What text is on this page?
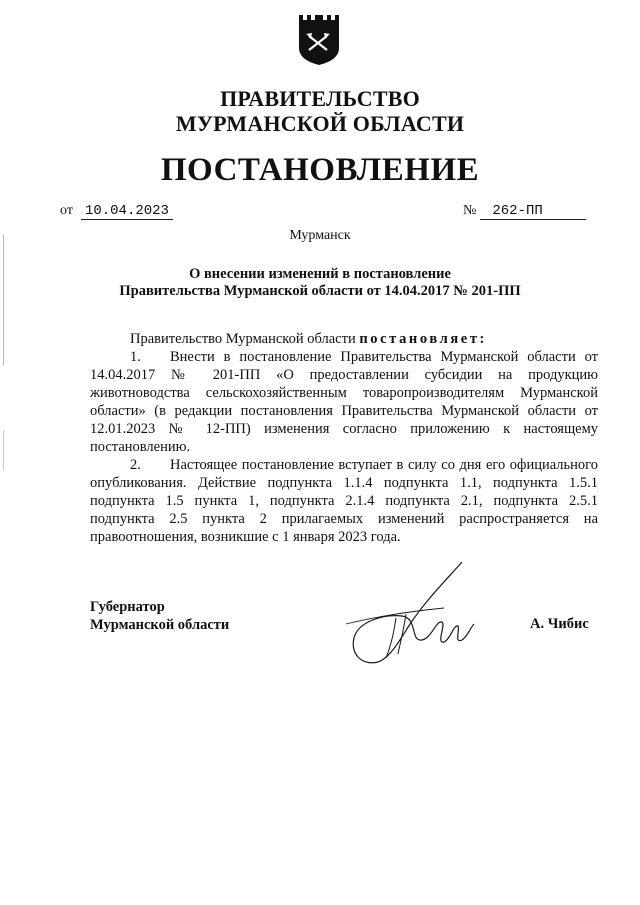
ПРАВИТЕЛЬСТВО
МУРМАНСКОЙ ОБЛАСТИ
ПОСТАНОВЛЕНИЕ
от 10.04.2023	№ 262-ПП
Мурманск
О внесении изменений в постановление
Правительства Мурманской области от 14.04.2017 № 201-ПП

Правительство Мурманской области постановляет:

1. Внести в постановление Правительства Мурманской области от 14.04.2017 № 201-ПП «О предоставлении субсидии на продукцию животноводства сельскохозяйственным товаропроизводителям Мурманской области» (в редакции постановления Правительства Мурманской области от 12.01.2023 № 12-ПП) изменения согласно приложению к настоящему постановлению.

2. Настоящее постановление вступает в силу со дня его официального опубликования. Действие подпункта 1.1.4 подпункта 1.1, подпункта 1.5.1 подпункта 1.5 пункта 1, подпункта 2.1.4 подпункта 2.1, подпункта 2.5.1 подпункта 2.5 пункта 2 прилагаемых изменений распространяется на правоотношения, возникшие с 1 января 2023 года.

Губернатор
Мурманской области	А. Чибис
